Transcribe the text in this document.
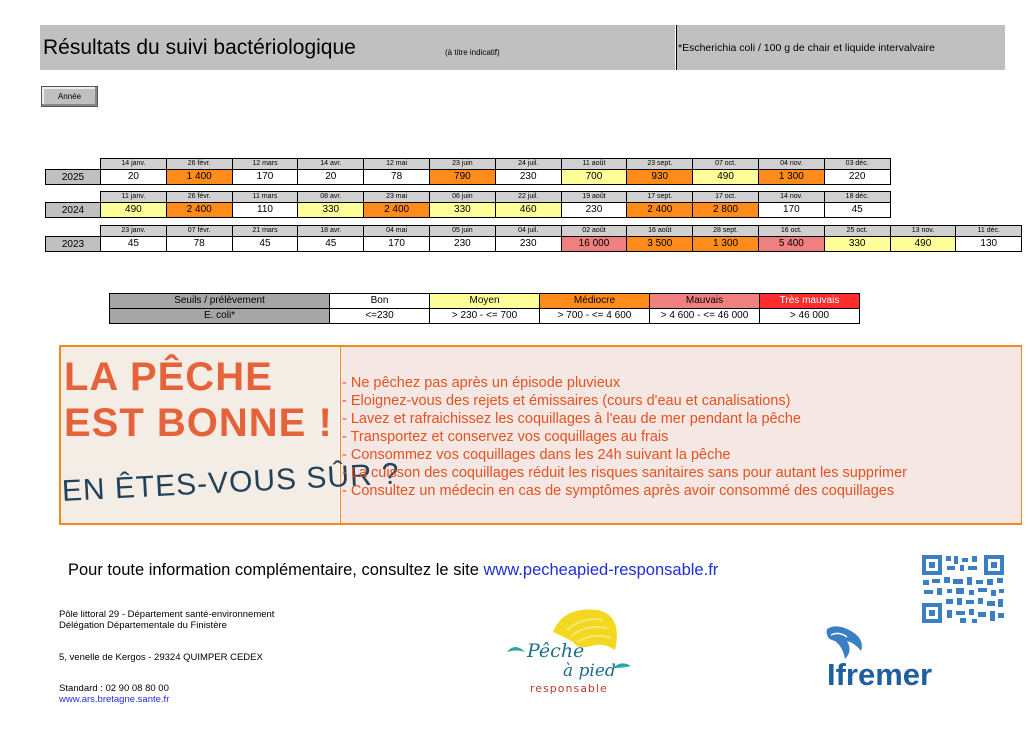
Résultats du suivi bactériologique	(à titre indicatif)	*Escherichia coli / 100 g de chair et liquide intervalvaire
Année
	14 janv.	26 févr.	12 mars	14 avr.	12 mai	23 juin	24 juil.	11 août	23 sept.	07 oct.	04 nov.	03 déc.
2025	20	1 400	170	20	78	790	230	700	930	490	1 300	220
	11 janv.	26 févr.	11 mars	08 avr.	23 mai	06 juin	22 juil.	19 août	17 sept.	17 oct.	14 nov.	18 déc.
2024	490	2 400	110	330	2 400	330	460	230	2 400	2 800	170	45
	23 janv.	07 févr.	21 mars	18 avr.	04 mai	05 juin	04 juil.	02 août	16 août	28 sept.	16 oct.	25 oct.	13 nov.	11 déc.
2023	45	78	45	45	170	230	230	16 000	3 500	1 300	5 400	330	490	130
Seuils / prélèvement	Bon	Moyen	Médiocre	Mauvais	Très mauvais
E. coli*	<=230	> 230 - <= 700	> 700 - <= 4 600	> 4 600 - <= 46 000	> 46 000
LA PÊCHE
EST BONNE !
EN ÊTES-VOUS SÛR ?
- Ne pêchez pas après un épisode pluvieux
- Eloignez-vous des rejets et émissaires (cours d'eau et canalisations)
- Lavez et rafraichissez les coquillages à l'eau de mer pendant la pêche
- Transportez et conservez vos coquillages au frais
- Consommez vos coquillages dans les 24h suivant la pêche
- La cuisson des coquillages réduit les risques sanitaires sans pour autant les supprimer
- Consultez un médecin en cas de symptômes après avoir consommé des coquillages
Pour toute information complémentaire, consultez le site www.pecheapied-responsable.fr
Pôle littoral 29 - Département santé-environnement
Délégation Départementale du Finistère
5, venelle de Kergos - 29324 QUIMPER CEDEX
Standard : 02 90 08 80 00
www.ars.bretagne.sante.fr
Pêche
à pied
responsable	Ifremer
